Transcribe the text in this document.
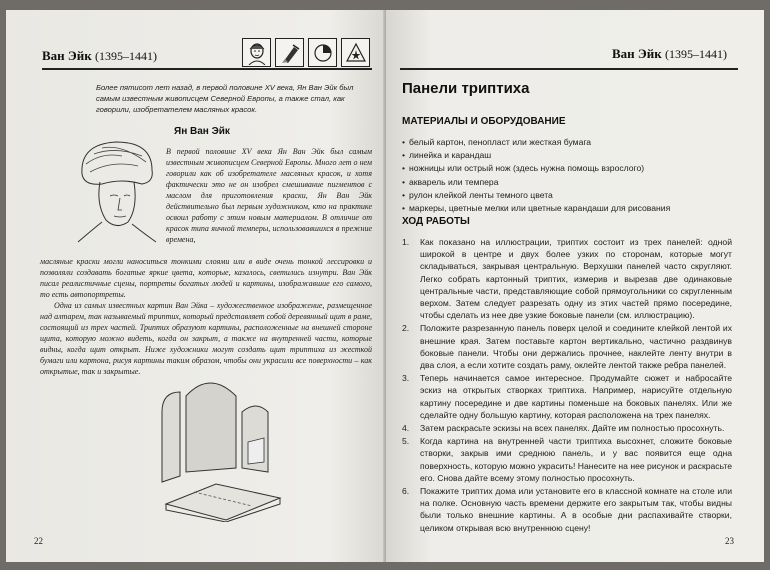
Ван Эйк (1395–1441)
Более пятисот лет назад, в первой половине XV века, Ян Ван Эйк был самым известным живописцем Северной Европы, а также стал, как говорили, изобретателем масляных красок.
Ян Ван Эйк
В первой половине XV века Ян Ван Эйк был самым известным живописцем Северной Европы. Много лет о нем говорили как об изобретателе масляных красок, и хотя фактически это не он изобрел смешивание пигментов с маслом для приготовления краски, Ян Ван Эйк действительно был первым художником, кто на практике освоил работу с этим новым материалом. В отличие от красок типа яичной темперы, использовавшихся в прежние времена,
масляные краски могли наноситься тонкими слоями или в виде очень тонкой лессировки и позволяли создавать богатые яркие цвета, которые, казалось, светились изнутри. Ван Эйк писал реалистичные сцены, портреты богатых людей и картины, изображавшие его самого, то есть автопортреты.
Одна из самых известных картин Ван Эйка – художественное изображение, размещенное над алтарем, так называемый триптих, который представляет собой деревянный щит в раме, состоящий из трех частей. Триптих образуют картины, расположенные на внешней стороне щита, которую можно видеть, когда он закрыт, а также на внутренней части, которые видны, когда щит открыт. Ниже художники могут создать щит триптиха из жесткой бумаги или картона, рисуя картины таким образом, чтобы они украсили все поверхности – как открытые, так и закрытые.
22
Ван Эйк (1395–1441)
Панели триптиха
МАТЕРИАЛЫ И ОБОРУДОВАНИЕ
• белый картон, пенопласт или жесткая бумага
• линейка и карандаш
• ножницы или острый нож (здесь нужна помощь взрослого)
• акварель или темпера
• рулон клейкой ленты темного цвета
• маркеры, цветные мелки или цветные карандаши для рисования
ХОД РАБОТЫ
1. Как показано на иллюстрации, триптих состоит из трех панелей: одной широкой в центре и двух более узких по сторонам, которые могут складываться, закрывая центральную. Верхушки панелей часто скругляют. Легко собрать картонный триптих, измерив и вырезав две одинаковые центральные части, представляющие собой прямоугольники со скругленным верхом. Затем следует разрезать одну из этих частей прямо посередине, чтобы сделать из нее две узкие боковые панели (см. иллюстрацию).
2. Положите разрезанную панель поверх целой и соедините клейкой лентой их внешние края. Затем поставьте картон вертикально, частично раздвинув боковые панели. Чтобы они держались прочнее, наклейте ленту внутри в два слоя, а если хотите создать раму, оклейте лентой также ребра панелей.
3. Теперь начинается самое интересное. Продумайте сюжет и набросайте эскиз на открытых створках триптиха. Например, нарисуйте отдельную картину посередине и две картины поменьше на боковых панелях. Или же сделайте одну большую картину, которая расположена на трех панелях.
4. Затем раскрасьте эскизы на всех панелях. Дайте им полностью просохнуть.
5. Когда картина на внутренней части триптиха высохнет, сложите боковые створки, закрыв ими среднюю панель, и у вас появится еще одна поверхность, которую можно украсить! Нанесите на нее рисунок и раскрасьте его. Снова дайте всему этому полностью просохнуть.
6. Покажите триптих дома или установите его в классной комнате на столе или на полке. Основную часть времени держите его закрытым так, чтобы видны были только внешние картины. А в особые дни распахивайте створки, целиком открывая всю внутреннюю сцену!
23
